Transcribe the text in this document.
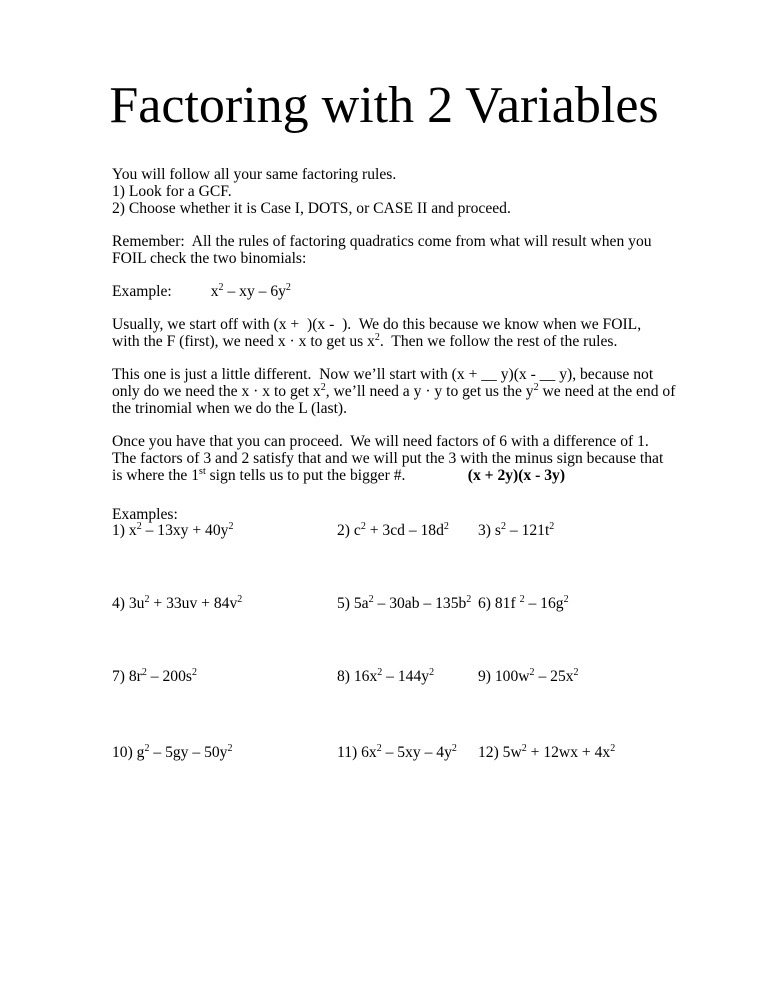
Factoring with 2 Variables
You will follow all your same factoring rules.
1) Look for a GCF.
2) Choose whether it is Case I, DOTS, or CASE II and proceed.
Remember:  All the rules of factoring quadratics come from what will result when you
FOIL check the two binomials:
Example:          $x^2$ – xy – $6y^2$
Usually, we start off with (x +  )(x -  ).  We do this because we know when we FOIL,
with the F (first), we need x · x to get us $x^2$.  Then we follow the rest of the rules.
This one is just a little different.  Now we’ll start with (x + __ y)(x - __ y), because not
only do we need the x · x to get $x^2$, we’ll need a y · y to get us the $y^2$ we need at the end of
the trinomial when we do the L (last).
Once you have that you can proceed.  We will need factors of 6 with a difference of 1.
The factors of 3 and 2 satisfy that and we will put the 3 with the minus sign because that
is where the 1st sign tells us to put the bigger #.                (x + 2y)(x - 3y)
Examples:
1) $x^2 - 13xy + 40y^2$	2) $c^2 + 3cd - 18d^2$ 3) $s^2 - 121t^2$
4) $3u^2 + 33uv + 84v^2$	5) $5a^2 - 30ab - 135b^2$ 6) 81f $^2 - 16g^2$
7) $8r^2 - 200s^2$	8) $16x^2 - 144y^2$	9) $100w^2 - 25x^2$
10) $g^2 - 5gy - 50y^2$	11) $6x^2 - 5xy - 4y^2$ 12) $5w^2 + 12wx + 4x^2$
